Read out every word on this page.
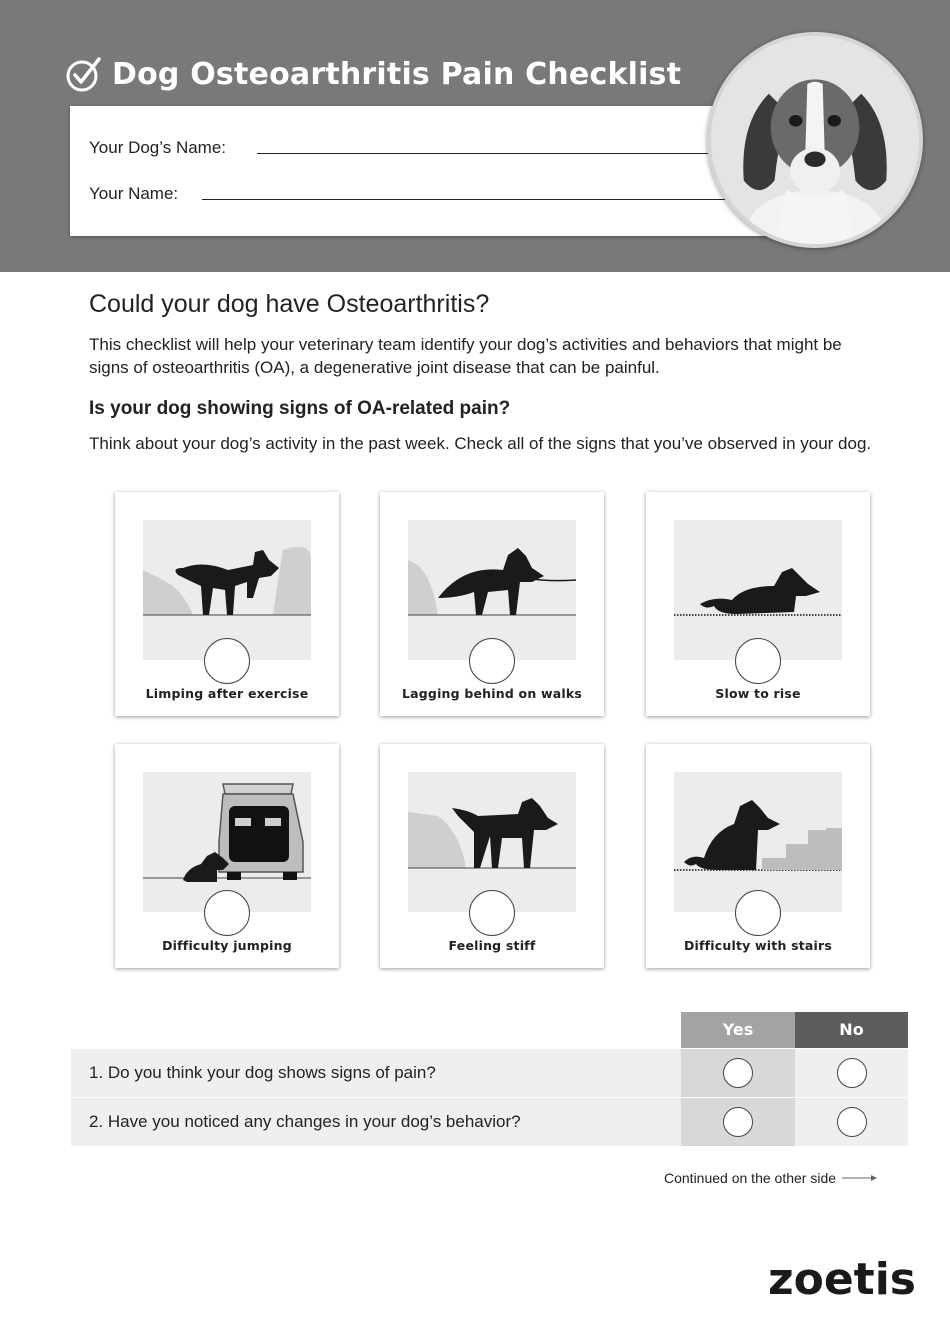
Dog Osteoarthritis Pain Checklist
Your Dog’s Name:
Your Name:
Could your dog have Osteoarthritis?

This checklist will help your veterinary team identify your dog’s activities and behaviors that might be signs of osteoarthritis (OA), a degenerative joint disease that can be painful.

Is your dog showing signs of OA-related pain?
Think about your dog’s activity in the past week. Check all of the signs that you’ve observed in your dog.
Limping after exercise	Lagging behind on walks	Slow to rise
Difficulty jumping	Feeling stiff	Difficulty with stairs
Yes	No
1. Do you think your dog shows signs of pain?
2. Have you noticed any changes in your dog’s behavior?
Continued on the other side
zoetis
